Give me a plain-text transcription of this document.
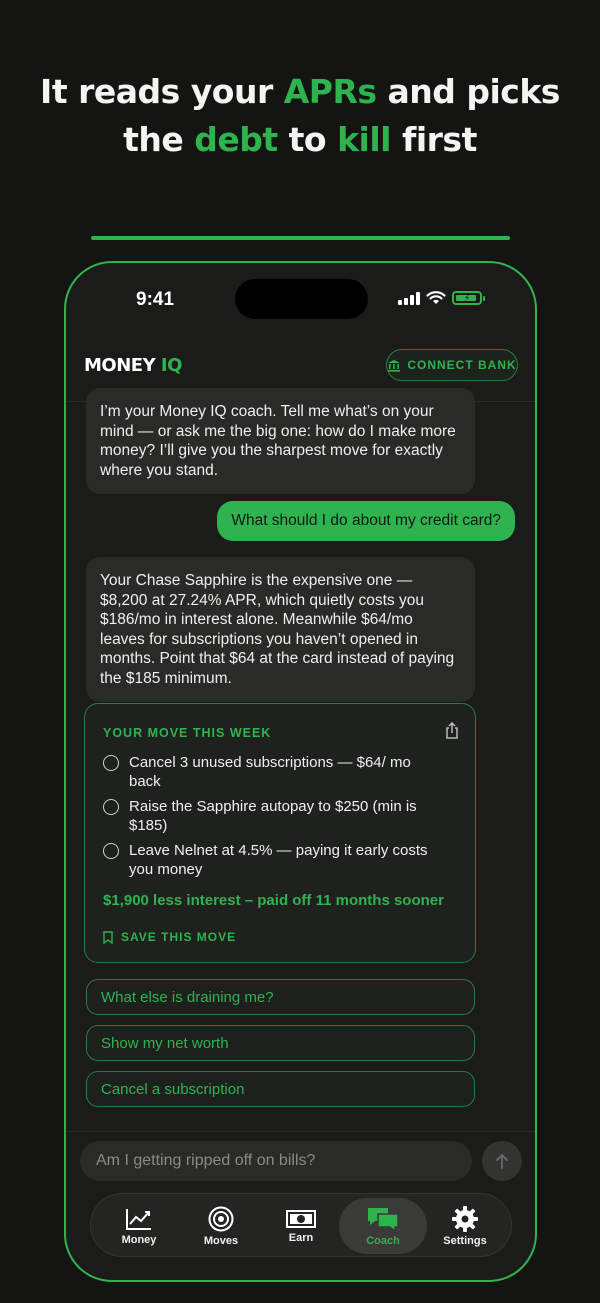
It reads your APRs and picks
the debt to kill first
9:41	⚡
MONEY IQ	CONNECT BANK
I’m your Money IQ coach. Tell me what’s on your mind — or ask me the big one: how do I make more money? I’ll give you the sharpest move for exactly where you stand.
What should I do about my credit card?
Your Chase Sapphire is the expensive one — $8,200 at 27.24% APR, which quietly costs you $186/mo in interest alone. Meanwhile $64/mo leaves for subscriptions you haven’t opened in months. Point that $64 at the card instead of paying the $185 minimum.
YOUR MOVE THIS WEEK
Cancel 3 unused subscriptions — $64/ mo back
Raise the Sapphire autopay to $250 (min is $185)
Leave Nelnet at 4.5% — paying it early costs you money
$1,900 less interest – paid off 11 months sooner
SAVE THIS MOVE
What else is draining me?
Show my net worth
Cancel a subscription
Am I getting ripped off on bills?
Money	Moves	Earn	Coach	Settings
